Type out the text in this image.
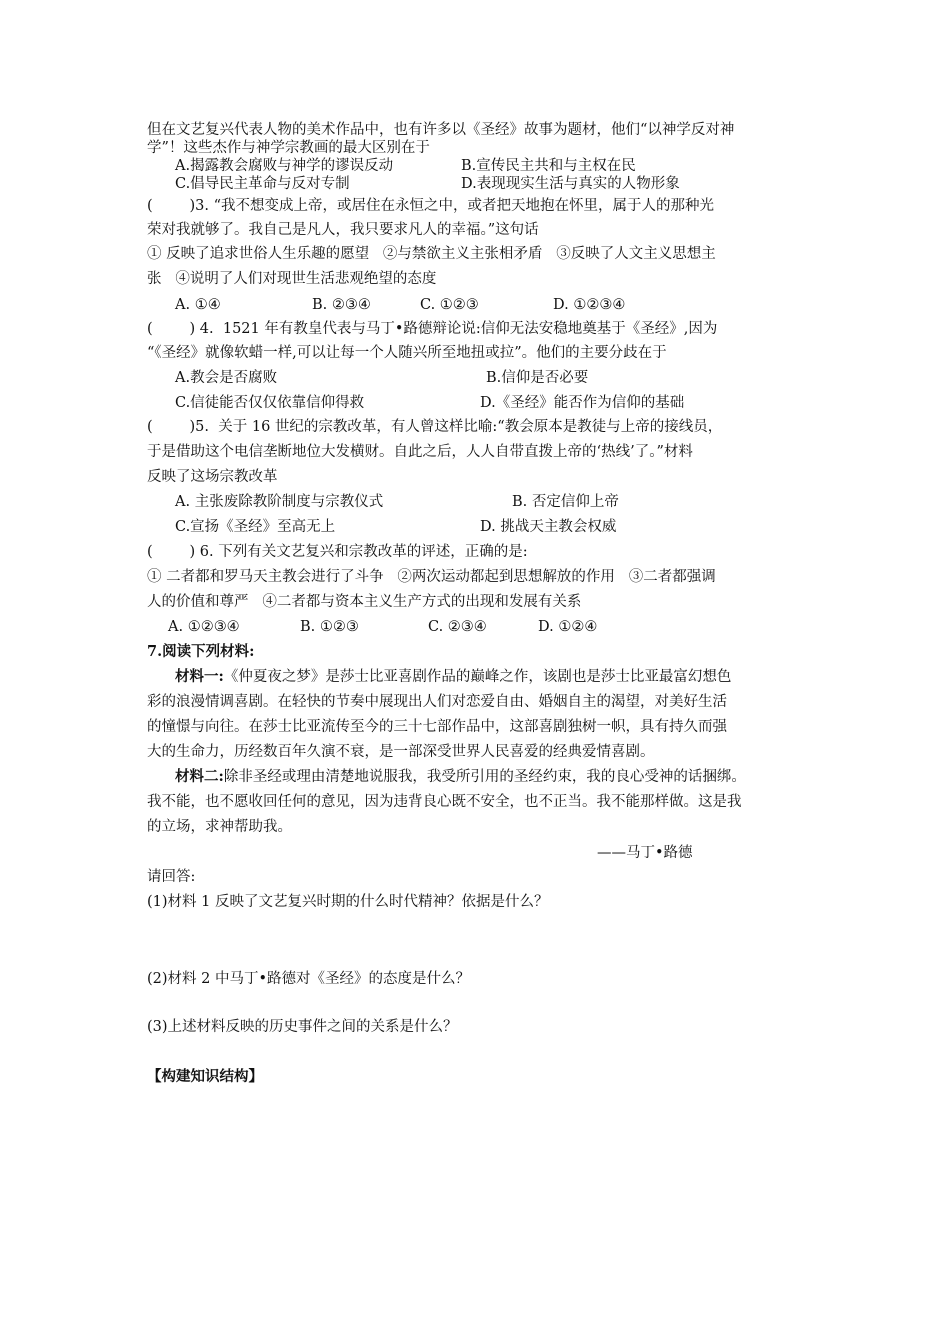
但在文艺复兴代表人物的美术作品中，也有许多以《圣经》故事为题材，他们“以神学反对神
学”！这些杰作与神学宗教画的最大区别在于
A.揭露教会腐败与神学的谬误反动	B.宣传民主共和与主权在民
C.倡导民主革命与反对专制	D.表现现实生活与真实的人物形象
(        )3. “我不想变成上帝，或居住在永恒之中，或者把天地抱在怀里，属于人的那种光
荣对我就够了。我自己是凡人，我只要求凡人的幸福。”这句话
① 反映了追求世俗人生乐趣的愿望   ②与禁欲主义主张相矛盾   ③反映了人文主义思想主
张   ④说明了人们对现世生活悲观绝望的态度
A. ①④	B. ②③④	C. ①②③	D. ①②③④
(        ) 4.  1521 年有教皇代表与马丁•路德辩论说:信仰无法安稳地奠基于《圣经》,因为
“《圣经》就像软蜡一样,可以让每一个人随兴所至地扭或拉”。他们的主要分歧在于
A.教会是否腐败	B.信仰是否必要
C.信徒能否仅仅依靠信仰得救	D.《圣经》能否作为信仰的基础
(        )5.  关于 16 世纪的宗教改革，有人曾这样比喻:“教会原本是教徒与上帝的接线员，
于是借助这个电信垄断地位大发横财。自此之后，人人自带直拨上帝的‘热线’了。”材料
反映了这场宗教改革
A. 主张废除教阶制度与宗教仪式	B. 否定信仰上帝
C.宣扬《圣经》至高无上	D. 挑战天主教会权威
(        ) 6. 下列有关文艺复兴和宗教改革的评述，正确的是:
① 二者都和罗马天主教会进行了斗争   ②两次运动都起到思想解放的作用   ③二者都强调
人的价值和尊严   ④二者都与资本主义生产方式的出现和发展有关系
A. ①②③④	B. ①②③	C. ②③④	D. ①②④
7.阅读下列材料:
材料一:《仲夏夜之梦》是莎士比亚喜剧作品的巅峰之作，该剧也是莎士比亚最富幻想色
彩的浪漫情调喜剧。在轻快的节奏中展现出人们对恋爱自由、婚姻自主的渴望，对美好生活
的憧憬与向往。在莎士比亚流传至今的三十七部作品中，这部喜剧独树一帜，具有持久而强
大的生命力，历经数百年久演不衰，是一部深受世界人民喜爱的经典爱情喜剧。
材料二:除非圣经或理由清楚地说服我，我受所引用的圣经约束，我的良心受神的话捆绑。
我不能，也不愿收回任何的意见，因为违背良心既不安全，也不正当。我不能那样做。这是我
的立场，求神帮助我。
——马丁•路德
请回答:
(1)材料 1 反映了文艺复兴时期的什么时代精神？依据是什么？
(2)材料 2 中马丁•路德对《圣经》的态度是什么？
(3)上述材料反映的历史事件之间的关系是什么？
【构建知识结构】
